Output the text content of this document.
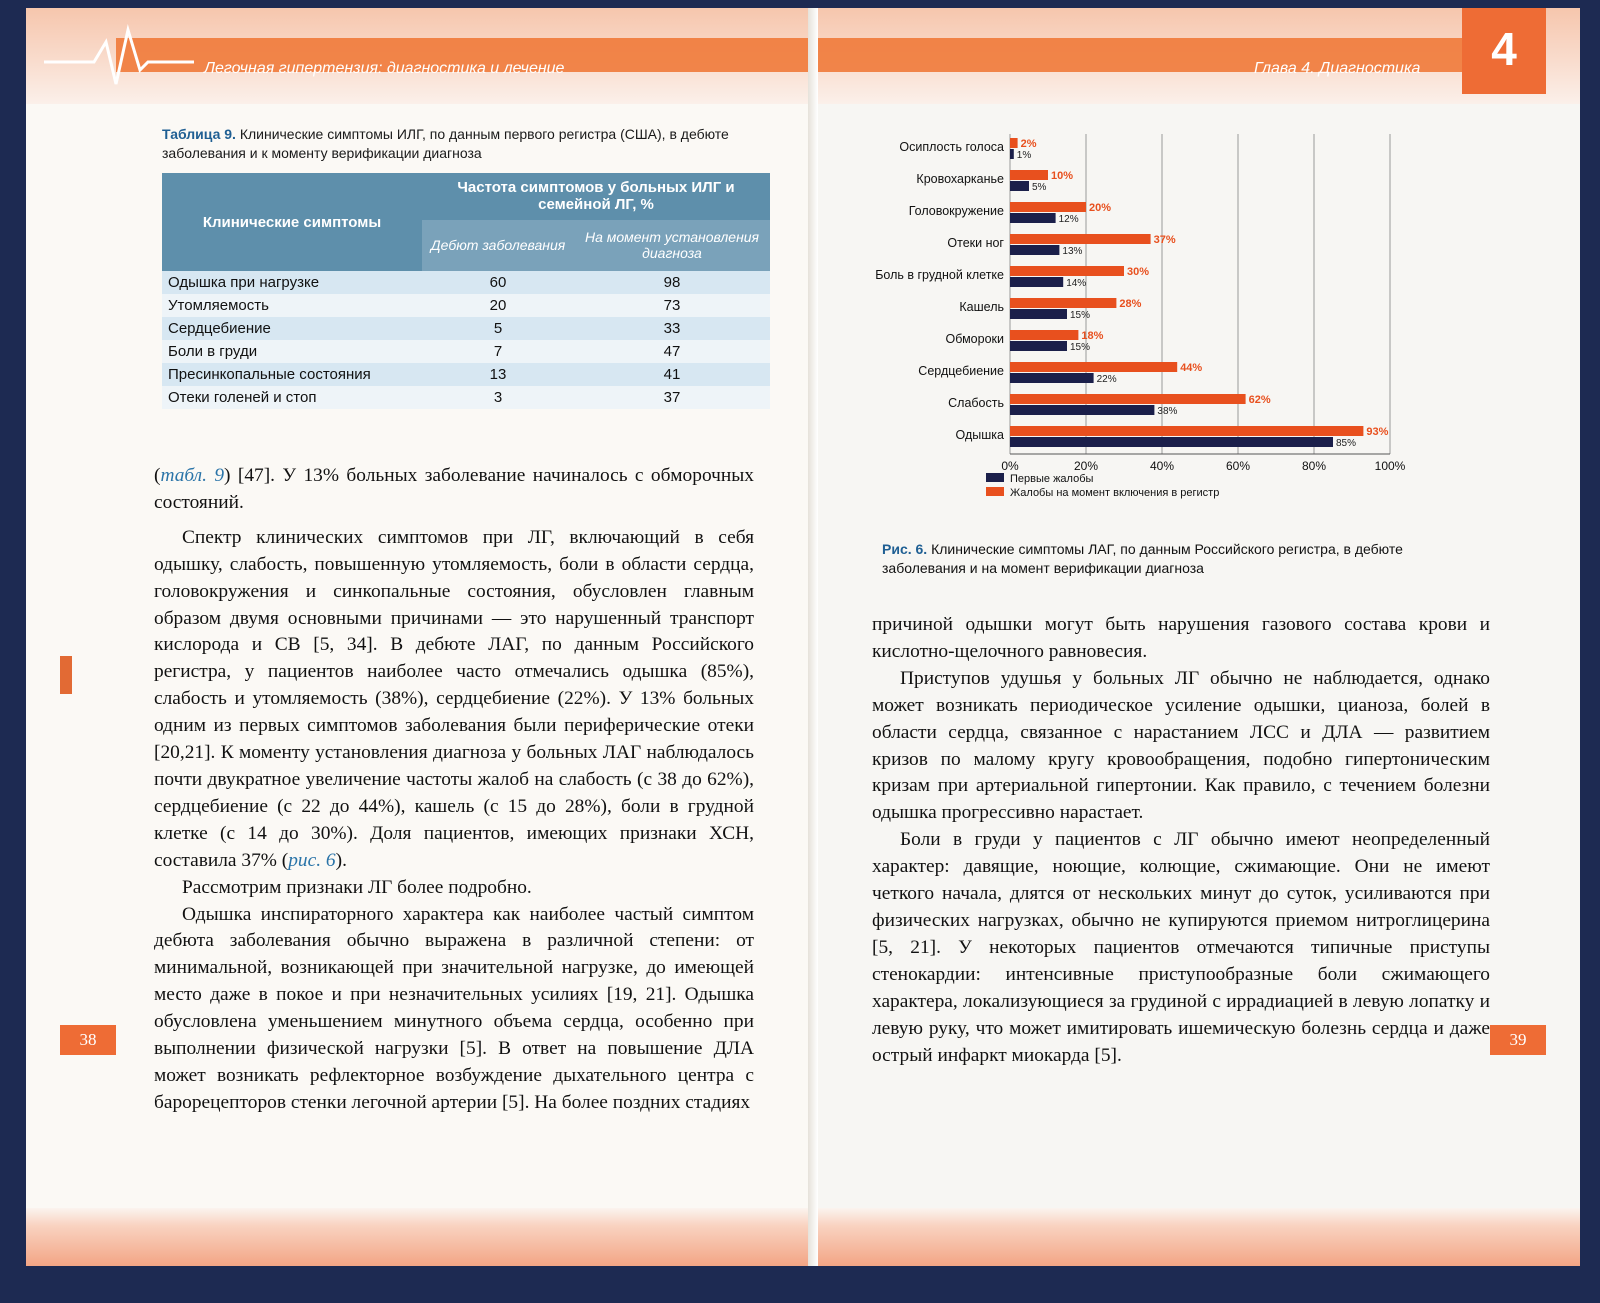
Легочная гипертензия: диагностика и лечение
Таблица 9. Клинические симптомы ИЛГ, по данным первого регистра (США), в дебюте заболевания и к моменту верификации диагноза
Клинические симптомы	Частота симптомов у больных ИЛГ и семейной ЛГ, %	
	Дебют заболевания	На момент установления диагноза
Одышка при нагрузке	60	98
Утомляемость	20	73
Сердцебиение	5	33
Боли в груди	7	47
Пресинкопальные состояния	13	41
Отеки голеней и стоп	3	37

(табл. 9) [47]. У 13% больных заболевание начиналось с обморочных состояний.

Спектр клинических симптомов при ЛГ, включающий в себя одышку, слабость, повышенную утомляемость, боли в области сердца, головокружения и синкопальные состояния, обусловлен главным образом двумя основными причинами — это нарушенный транспорт кислорода и СВ [5, 34]. В дебюте ЛАГ, по данным Российского регистра, у пациентов наиболее часто отмечались одышка (85%), слабость и утомляемость (38%), сердцебиение (22%). У 13% больных одним из первых симптомов заболевания были периферические отеки [20,21]. К моменту установления диагноза у больных ЛАГ наблюдалось почти двукратное увеличение частоты жалоб на слабость (с 38 до 62%), сердцебиение (с 22 до 44%), кашель (с 15 до 28%), боли в грудной клетке (с 14 до 30%). Доля пациентов, имеющих признаки ХСН, составила 37% (рис. 6).

Рассмотрим признаки ЛГ более подробно.

Одышка инспираторного характера как наиболее частый симптом дебюта заболевания обычно выражена в различной степени: от минимальной, возникающей при значительной нагрузке, до имеющей место даже в покое и при незначительных усилиях [19, 21]. Одышка обусловлена уменьшением минутного объема сердца, особенно при выполнении физической нагрузки [5]. В ответ на повышение ДЛА может возникать рефлекторное возбуждение дыхательного центра с барорецепторов стенки легочной артерии [5]. На более поздних стадиях

38
Глава 4. Диагностика	4
39
Осиплость голоса
Кровохарканье
Головокружение
Отеки ног
Боль в грудной клетке
Кашель
Обмороки
Сердцебиение
Слабость
Одышка
2%
1%
10%
5%
20%
12%
37%
13%
30%
14%
28%
15%
18%
15%
44%
22%
62%
38%
93%
85%
0%	20%	40%	60%	80%	100%
Первые жалобы
Жалобы на момент включения в регистр
Рис. 6. Клинические симптомы ЛАГ, по данным Российского регистра, в дебюте заболевания и на момент верификации диагноза

причиной одышки могут быть нарушения газового состава крови и кислотно-щелочного равновесия.

Приступов удушья у больных ЛГ обычно не наблюдается, однако может возникать периодическое усиление одышки, цианоза, болей в области сердца, связанное с нарастанием ЛСС и ДЛА — развитием кризов по малому кругу кровообращения, подобно гипертоническим кризам при артериальной гипертонии. Как правило, с течением болезни одышка прогрессивно нарастает.

Боли в груди у пациентов с ЛГ обычно имеют неопределенный характер: давящие, ноющие, колющие, сжимающие. Они не имеют четкого начала, длятся от нескольких минут до суток, усиливаются при физических нагрузках, обычно не купируются приемом нитроглицерина [5, 21]. У некоторых пациентов отмечаются типичные приступы стенокардии: интенсивные приступообразные боли сжимающего характера, локализующиеся за грудиной с иррадиацией в левую лопатку и левую руку, что может имитировать ишемическую болезнь сердца и даже острый инфаркт миокарда [5].
